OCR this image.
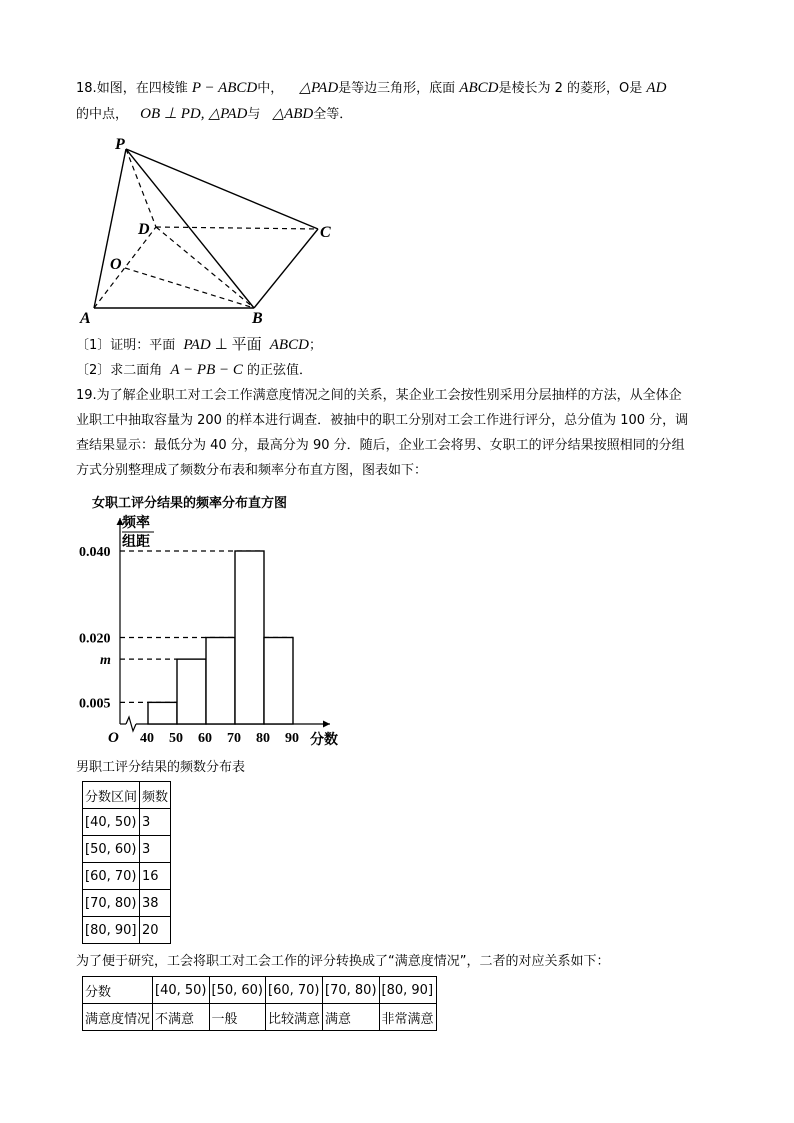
18.如图，在四棱锥 P − ABCD中， △PAD是等边三角形，底面 ABCD是棱长为 2 的菱形，O是 AD
的中点， OB ⊥ PD, △PAD与 △ABD全等．
P
D	C
O
A	B
〔1〕证明：平面 PAD ⊥ 平面 ABCD；
〔2〕求二面角 A − PB − C 的正弦值．
19.为了解企业职工对工会工作满意度情况之间的关系，某企业工会按性别采用分层抽样的方法，从全体企
业职工中抽取容量为 200 的样本进行调查．被抽中的职工分别对工会工作进行评分，总分值为 100 分，调
查结果显示：最低分为 40 分，最高分为 90 分．随后，企业工会将男、女职工的评分结果按照相同的分组
方式分别整理成了频数分布表和频率分布直方图，图表如下：
女职工评分结果的频率分布直方图
频率
组距
O	分数
0.040
0.020
m
0.005
40 50 60 70 80 90
男职工评分结果的频数分布表
分数区间	频数
[40, 50)	3
[50, 60)	3
[60, 70)	16
[70, 80)	38
[80, 90]	20
为了便于研究，工会将职工对工会工作的评分转换成了“满意度情况”，二者的对应关系如下：
分数	[40, 50)	[50, 60)	[60, 70)	[70, 80)	[80, 90]
满意度情况	不满意	一般	比较满意	满意	非常满意
